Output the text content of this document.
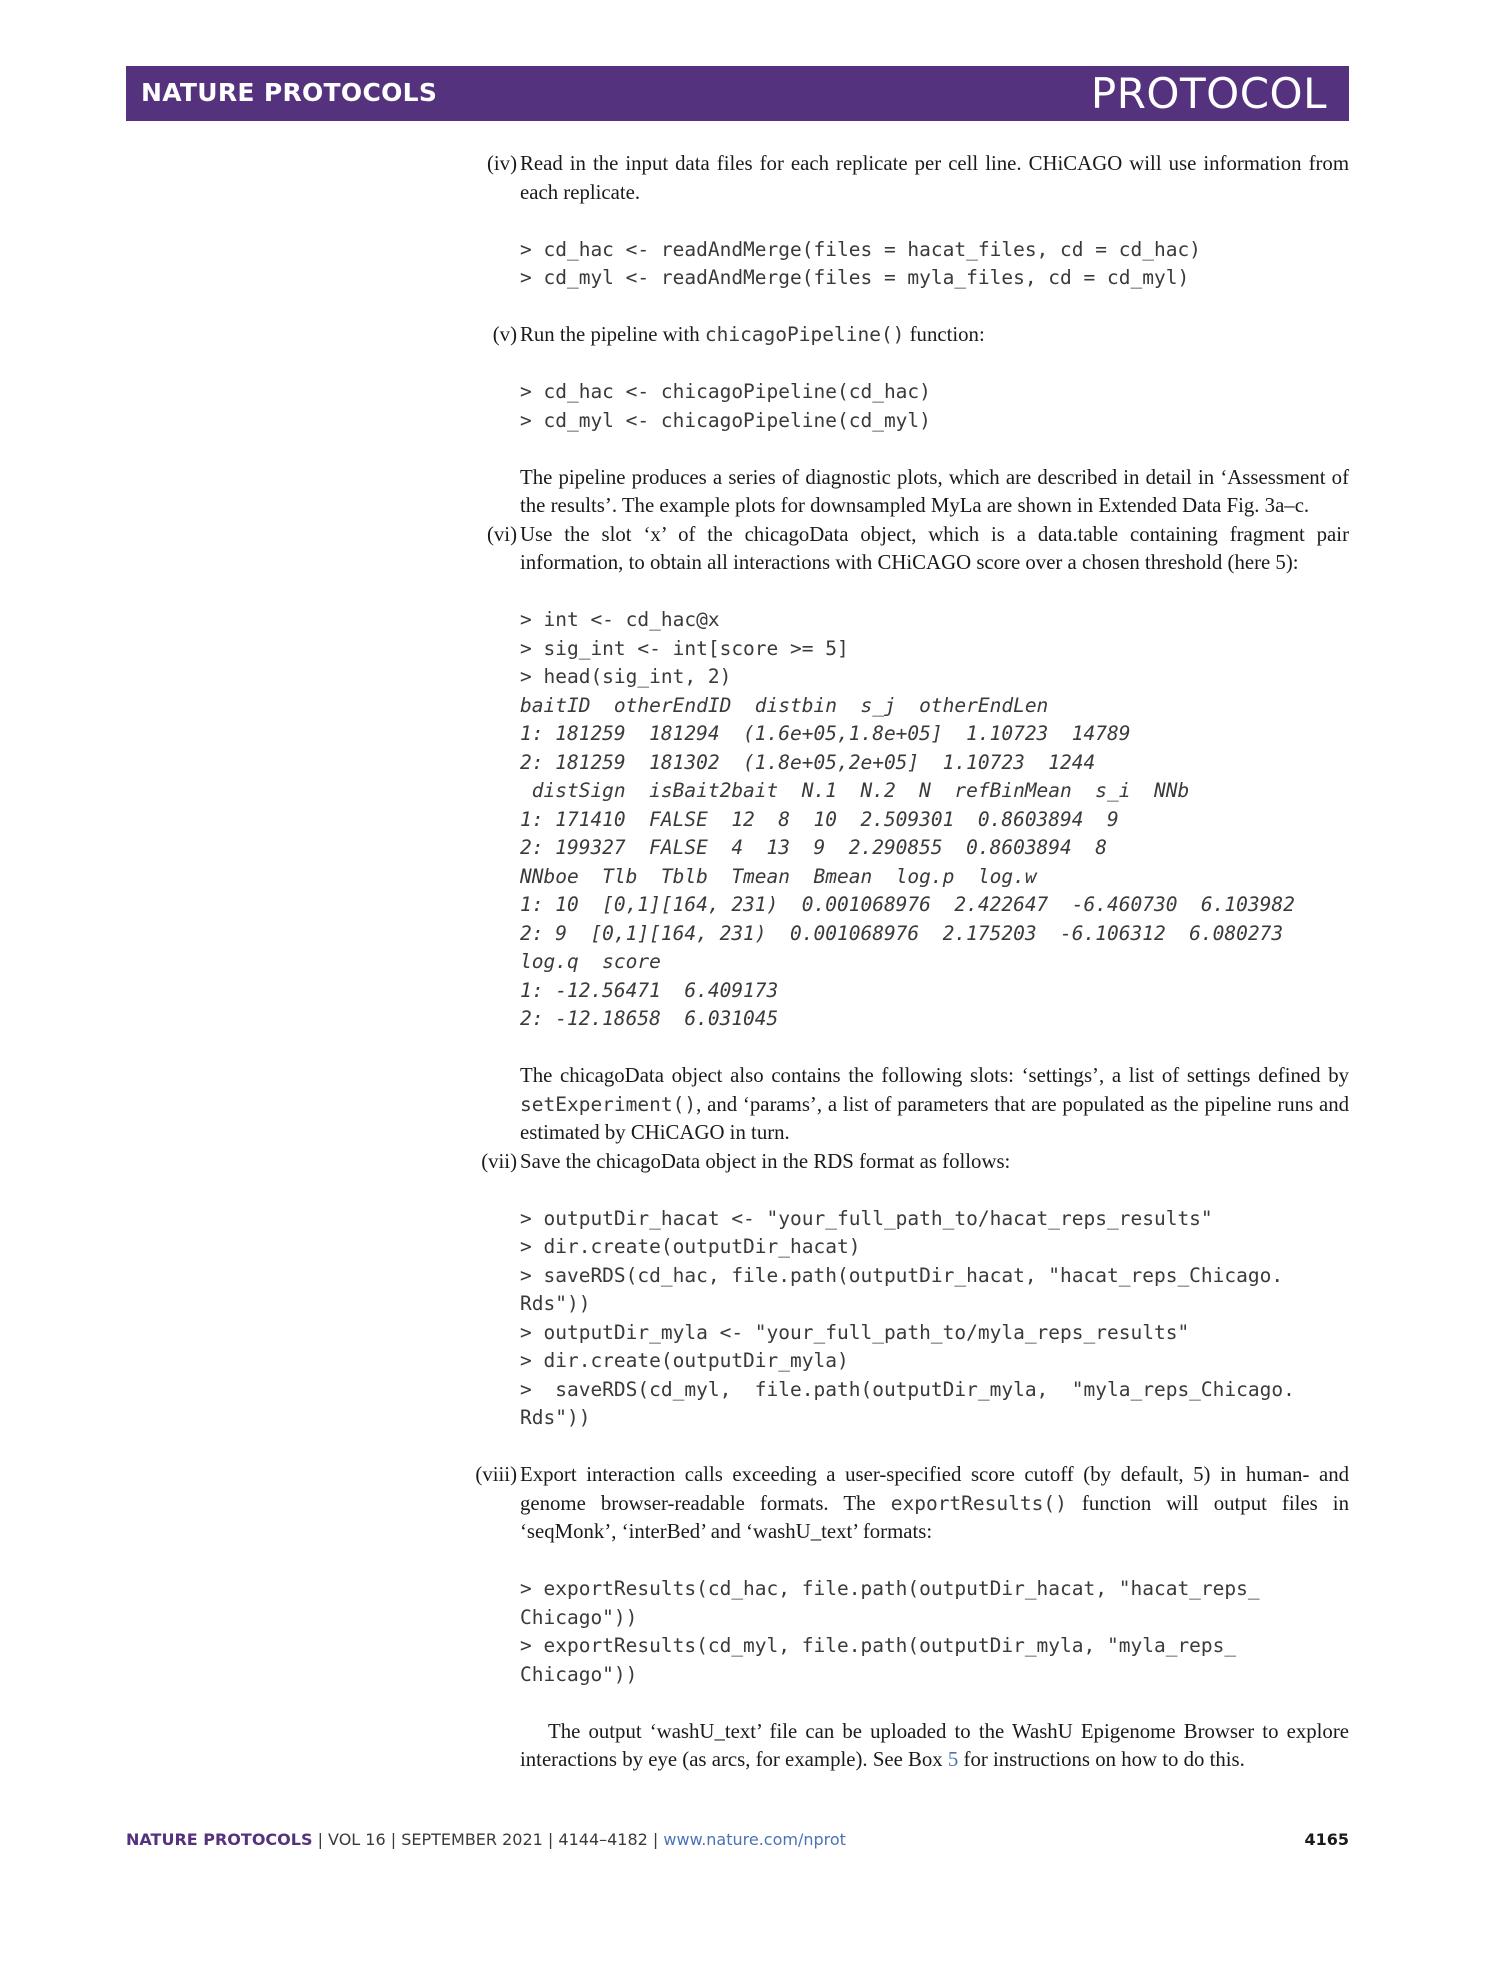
NATURE PROTOCOLS	PROTOCOL
(iv) Read in the input data files for each replicate per cell line. CHiCAGO will use information from each replicate.

> cd_hac <- readAndMerge(files = hacat_files, cd = cd_hac)
> cd_myl <- readAndMerge(files = myla_files, cd = cd_myl)
(v) Run the pipeline with chicagoPipeline() function:

> cd_hac <- chicagoPipeline(cd_hac)
> cd_myl <- chicagoPipeline(cd_myl)

The pipeline produces a series of diagnostic plots, which are described in detail in ‘Assessment of the results’. The example plots for downsampled MyLa are shown in Extended Data Fig. 3a–c.

(vi) Use the slot ‘x’ of the chicagoData object, which is a data.table containing fragment pair information, to obtain all interactions with CHiCAGO score over a chosen threshold (here 5):

> int <- cd_hac@x
> sig_int <- int[score >= 5]
> head(sig_int, 2)
baitID  otherEndID  distbin  s_j  otherEndLen
1: 181259  181294  (1.6e+05,1.8e+05]  1.10723  14789
2: 181259  181302  (1.8e+05,2e+05]  1.10723  1244
distSign  isBait2bait  N.1  N.2  N  refBinMean  s_i  NNb
1: 171410  FALSE  12  8  10  2.509301  0.8603894  9
2: 199327  FALSE  4  13  9  2.290855  0.8603894  8
NNboe  Tlb  Tblb  Tmean  Bmean  log.p  log.w
1: 10  [0,1][164, 231)  0.001068976  2.422647  -6.460730  6.103982
2: 9  [0,1][164, 231)  0.001068976  2.175203  -6.106312  6.080273
log.q  score
1: -12.56471  6.409173
2: -12.18658  6.031045

The chicagoData object also contains the following slots: ‘settings’, a list of settings defined by setExperiment(), and ‘params’, a list of parameters that are populated as the pipeline runs and estimated by CHiCAGO in turn.

(vii) Save the chicagoData object in the RDS format as follows:

> outputDir_hacat <- "your_full_path_to/hacat_reps_results"
> dir.create(outputDir_hacat)
> saveRDS(cd_hac, file.path(outputDir_hacat, "hacat_reps_Chicago.
Rds"))
> outputDir_myla <- "your_full_path_to/myla_reps_results"
> dir.create(outputDir_myla)
>  saveRDS(cd_myl,  file.path(outputDir_myla,  "myla_reps_Chicago.
Rds"))
(viii) Export interaction calls exceeding a user-specified score cutoff (by default, 5) in human- and genome browser-readable formats. The exportResults() function will output files in ‘seqMonk’, ‘interBed’ and ‘washU_text’ formats:

> exportResults(cd_hac, file.path(outputDir_hacat, "hacat_reps_
Chicago"))
> exportResults(cd_myl, file.path(outputDir_myla, "myla_reps_
Chicago"))

The output ‘washU_text’ file can be uploaded to the WashU Epigenome Browser to explore interactions by eye (as arcs, for example). See Box 5 for instructions on how to do this.

NATURE PROTOCOLS | VOL 16 | SEPTEMBER 2021 | 4144–4182 | www.nature.com/nprot	4165
